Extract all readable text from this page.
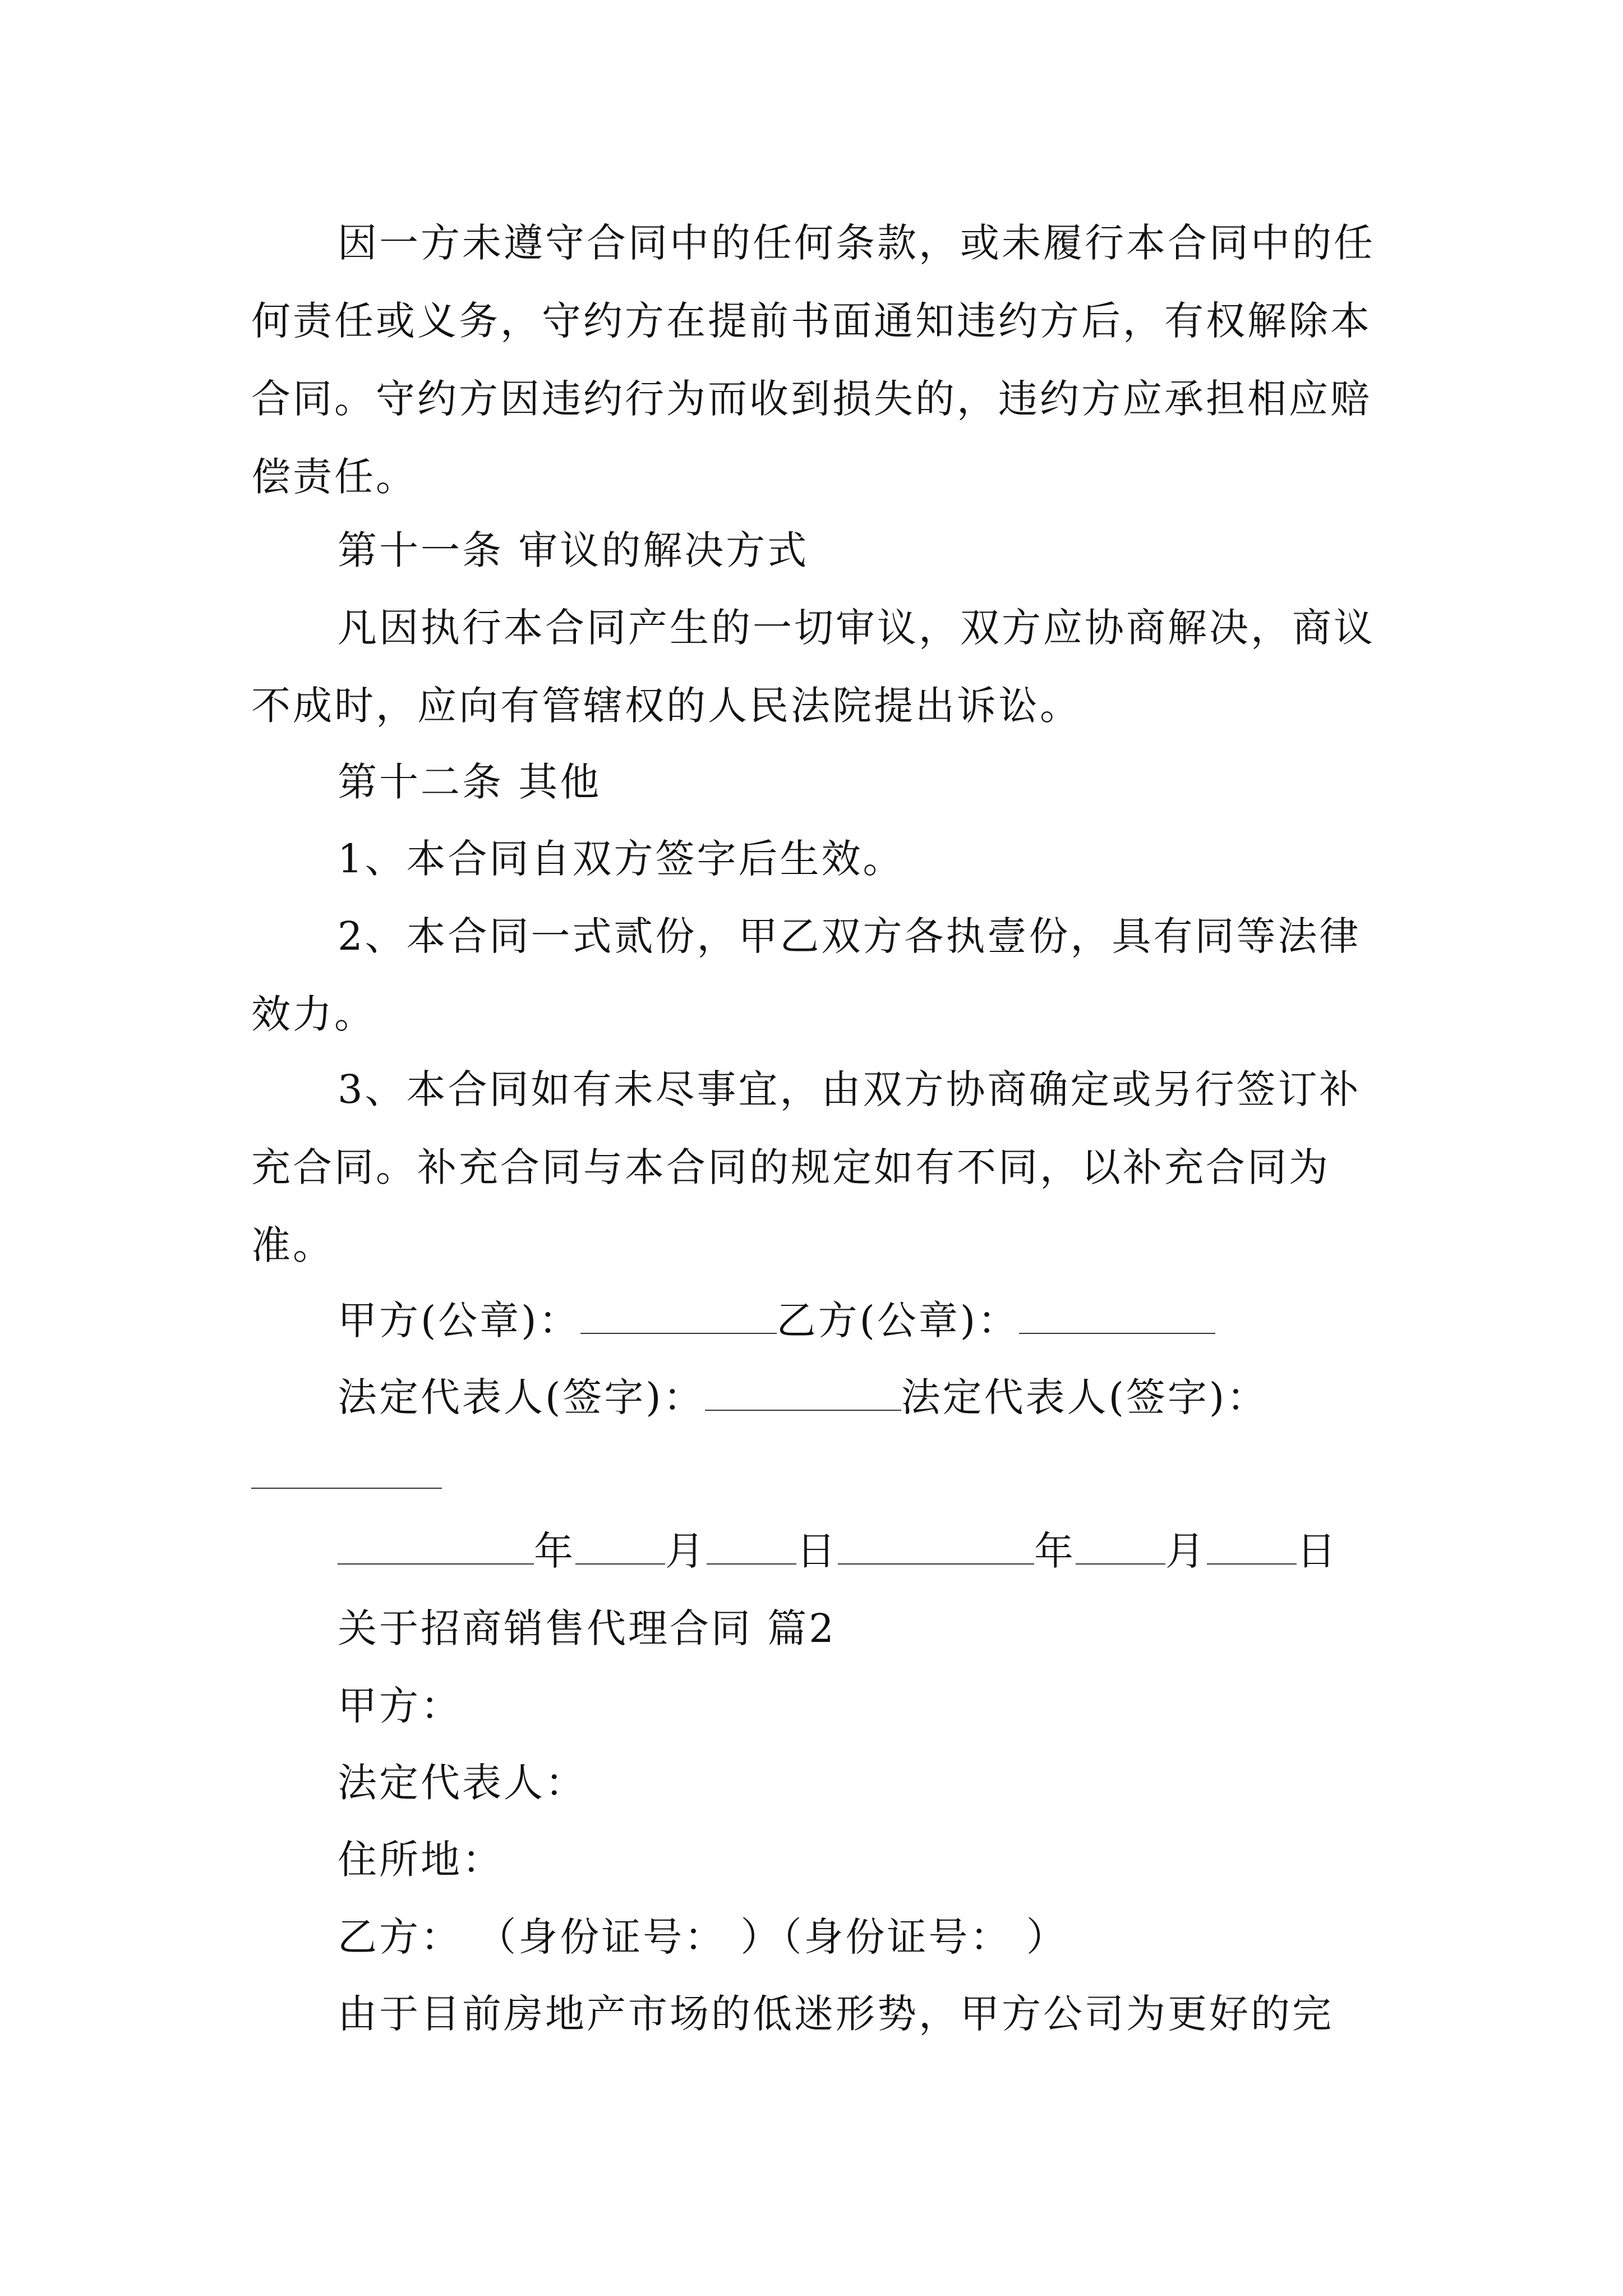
因一方未遵守合同中的任何条款，或未履行本合同中的任何责任或义务，守约方在提前书面通知违约方后，有权解除本合同。守约方因违约行为而收到损失的，违约方应承担相应赔偿责任。

第十一条 审议的解决方式

凡因执行本合同产生的一切审议，双方应协商解决，商议不成时，应向有管辖权的人民法院提出诉讼。

第十二条 其他

1、本合同自双方签字后生效。

2、本合同一式贰份，甲乙双方各执壹份，具有同等法律效力。

3、本合同如有未尽事宜，由双方协商确定或另行签订补充合同。补充合同与本合同的规定如有不同，以补充合同为准。

甲方(公章)：	乙方(公章)：

法定代表人(签字)：	法定代表人(签字)：

年 月 日	年 月 日

关于招商销售代理合同 篇2

甲方：

法定代表人：

住所地：

乙方： （身份证号： ）（身份证号： ）

由于目前房地产市场的低迷形势，甲方公司为更好的完
